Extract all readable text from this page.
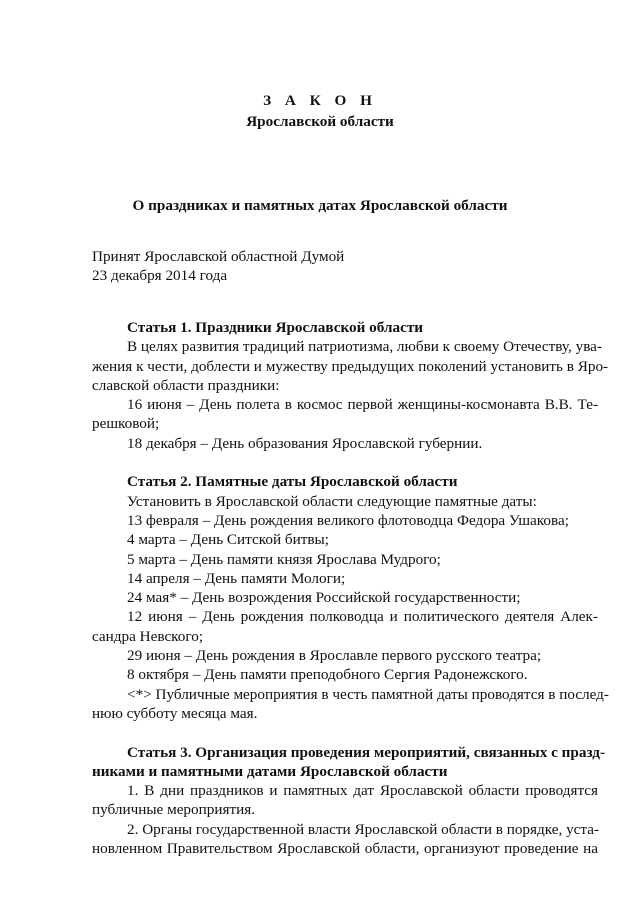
З А К О Н
Ярославской области
О праздниках и памятных датах Ярославской области
Принят Ярославской областной Думой
23 декабря 2014 года
Статья 1. Праздники Ярославской области
В целях развития традиций патриотизма, любви к своему Отечеству, ува-
жения к чести, доблести и мужеству предыдущих поколений установить в Яро-
славской области праздники:
16 июня – День полета в космос первой женщины-космонавта В.В. Те-
решковой;
18 декабря – День образования Ярославской губернии.
Статья 2. Памятные даты Ярославской области
Установить в Ярославской области следующие памятные даты:
13 февраля – День рождения великого флотоводца Федора Ушакова;
4 марта – День Ситской битвы;
5 марта – День памяти князя Ярослава Мудрого;
14 апреля – День памяти Мологи;
24 мая* – День возрождения Российской государственности;
12 июня – День рождения полководца и политического деятеля Алек-
сандра Невского;
29 июня – День рождения в Ярославле первого русского театра;
8 октября – День памяти преподобного Сергия Радонежского.
<*> Публичные мероприятия в честь памятной даты проводятся в послед-
нюю субботу месяца мая.
Статья 3. Организация проведения мероприятий, связанных с празд-
никами и памятными датами Ярославской области
1. В дни праздников и памятных дат Ярославской области проводятся
публичные мероприятия.
2. Органы государственной власти Ярославской области в порядке, уста-
новленном Правительством Ярославской области, организуют проведение на
